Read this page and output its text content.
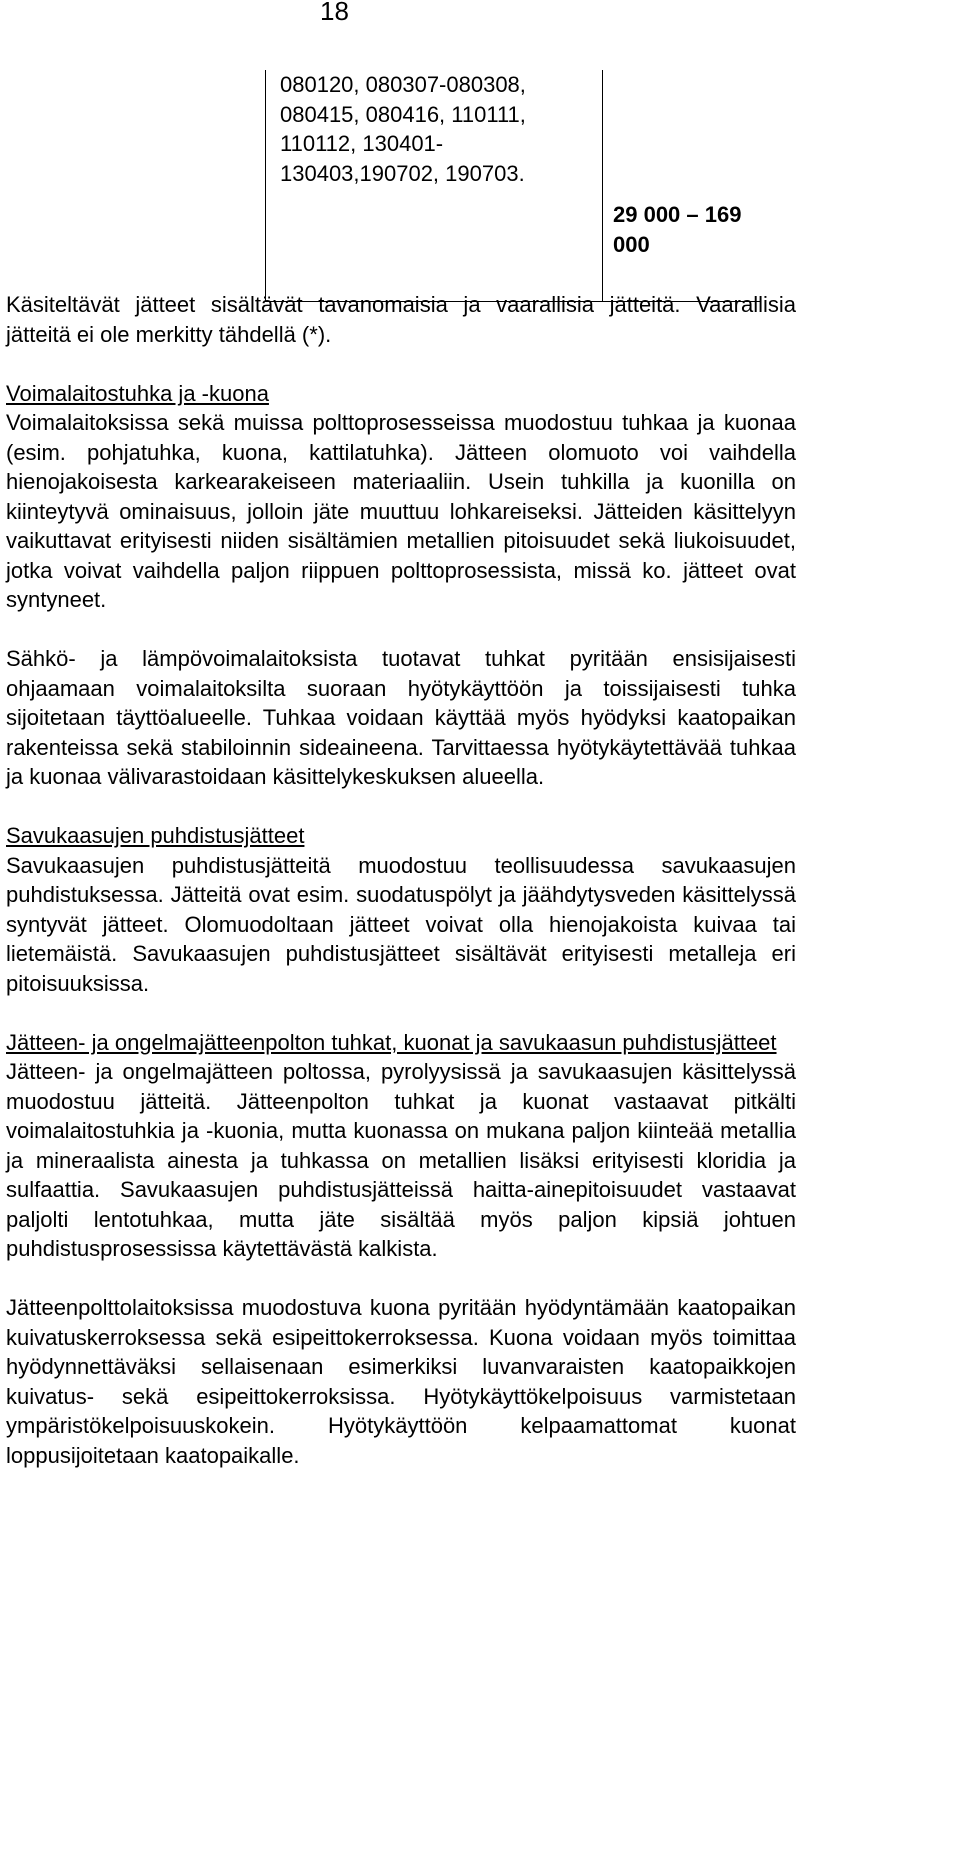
18
080120, 080307-080308, 080415, 080416, 110111, 110112, 130401-130403,190702, 190703.
29 000 – 169 000

Käsiteltävät jätteet sisältävät tavanomaisia ja vaarallisia jätteitä. Vaarallisia jätteitä ei ole merkitty tähdellä (*).

Voimalaitostuhka ja -kuona
Voimalaitoksissa sekä muissa polttoprosesseissa muodostuu tuhkaa ja kuonaa (esim. pohjatuhka, kuona, kattilatuhka). Jätteen olomuoto voi vaihdella hienojakoisesta karkearakeiseen materiaaliin. Usein tuhkilla ja kuonilla on kiinteytyvä ominaisuus, jolloin jäte muuttuu lohkareiseksi. Jätteiden käsittelyyn vaikuttavat erityisesti niiden sisältämien metallien pitoisuudet sekä liukoisuudet, jotka voivat vaihdella paljon riippuen polttoprosessista, missä ko. jätteet ovat syntyneet.

Sähkö- ja lämpövoimalaitoksista tuotavat tuhkat pyritään ensisijaisesti ohjaamaan voimalaitoksilta suoraan hyötykäyttöön ja toissijaisesti tuhka sijoitetaan täyttöalueelle. Tuhkaa voidaan käyttää myös hyödyksi kaatopaikan rakenteissa sekä stabiloinnin sideaineena. Tarvittaessa hyötykäytettävää tuhkaa ja kuonaa välivarastoidaan käsittelykeskuksen alueella.

Savukaasujen puhdistusjätteet
Savukaasujen puhdistusjätteitä muodostuu teollisuudessa savukaasujen puhdistuksessa. Jätteitä ovat esim. suodatuspölyt ja jäähdytysveden käsittelyssä syntyvät jätteet. Olomuodoltaan jätteet voivat olla hienojakoista kuivaa tai lietemäistä. Savukaasujen puhdistusjätteet sisältävät erityisesti metalleja eri pitoisuuksissa.

Jätteen- ja ongelmajätteenpolton tuhkat, kuonat ja savukaasun puhdistusjätteet
Jätteen- ja ongelmajätteen poltossa, pyrolyysissä ja savukaasujen käsittelyssä muodostuu jätteitä. Jätteenpolton tuhkat ja kuonat vastaavat pitkälti voimalaitostuhkia ja -kuonia, mutta kuonassa on mukana paljon kiinteää metallia ja mineraalista ainesta ja tuhkassa on metallien lisäksi erityisesti kloridia ja sulfaattia. Savukaasujen puhdistusjätteissä haitta-ainepitoisuudet vastaavat paljolti lentotuhkaa, mutta jäte sisältää myös paljon kipsiä johtuen puhdistusprosessissa käytettävästä kalkista.

Jätteenpolttolaitoksissa muodostuva kuona pyritään hyödyntämään kaatopaikan kuivatuskerroksessa sekä esipeittokerroksessa. Kuona voidaan myös toimittaa hyödynnettäväksi sellaisenaan esimerkiksi luvanvaraisten kaatopaikkojen kuivatus- sekä esipeittokerroksissa. Hyötykäyttökelpoisuus varmistetaan ympäristökelpoisuuskokein. Hyötykäyttöön kelpaamattomat kuonat loppusijoitetaan kaatopaikalle.
